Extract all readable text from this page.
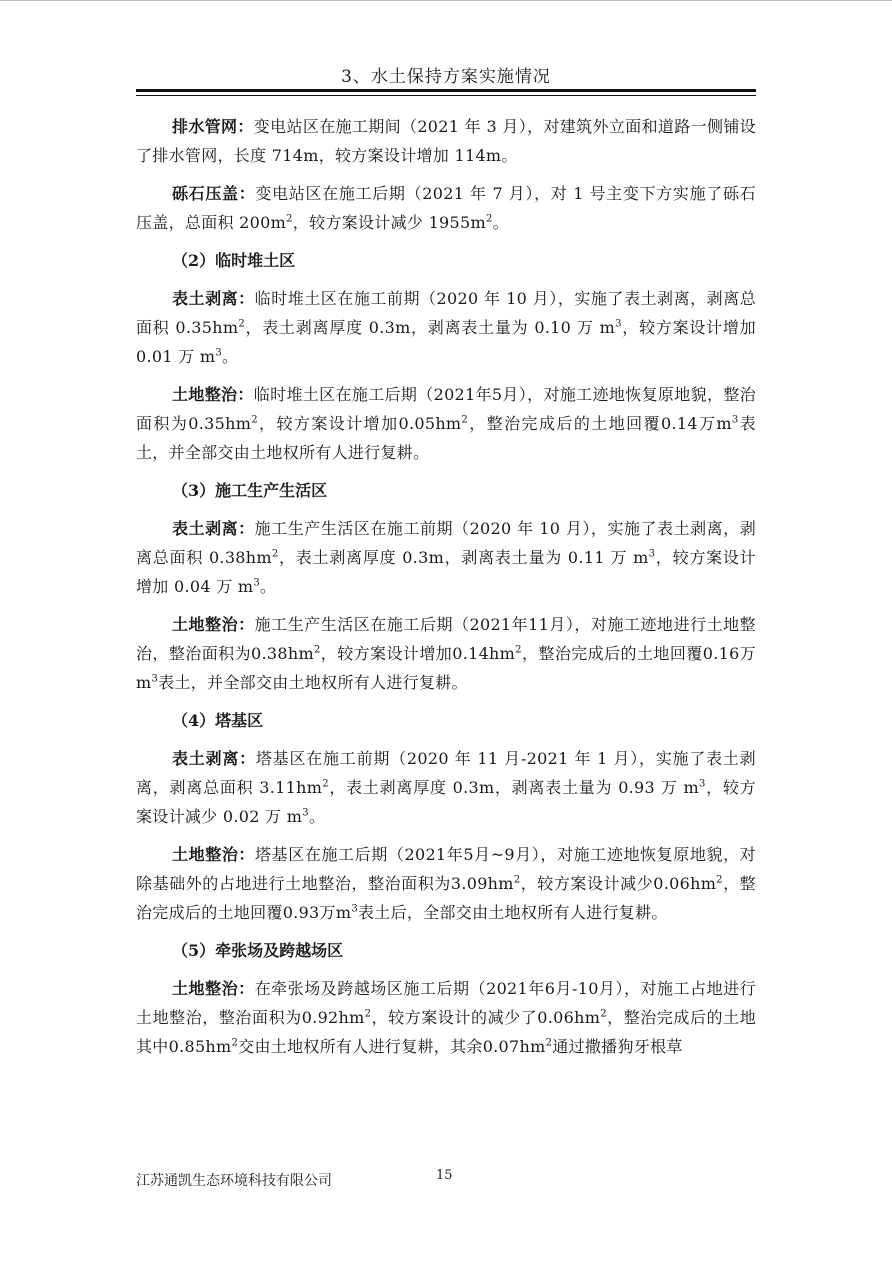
3、水土保持方案实施情况

排水管网：变电站区在施工期间（2021 年 3 月），对建筑外立面和道路一侧铺设了排水管网，长度 714m，较方案设计增加 114m。

砾石压盖：变电站区在施工后期（2021 年 7 月），对 1 号主变下方实施了砾石压盖，总面积 $200m^2$，较方案设计减少 $1955m^2$。

（2）临时堆土区

表土剥离：临时堆土区在施工前期（2020 年 10 月），实施了表土剥离，剥离总面积 $0.35hm^2$，表土剥离厚度 0.3m，剥离表土量为 0.10 万 $m^3$，较方案设计增加 0.01 万 $m^3$。

土地整治：临时堆土区在施工后期（2021年5月），对施工迹地恢复原地貌，整治面积为$0.35hm^2$，较方案设计增加$0.05hm^2$，整治完成后的土地回覆0.14万$m^3$表土，并全部交由土地权所有人进行复耕。

（3）施工生产生活区

表土剥离：施工生产生活区在施工前期（2020 年 10 月），实施了表土剥离，剥离总面积 $0.38hm^2$，表土剥离厚度 0.3m，剥离表土量为 0.11 万 $m^3$，较方案设计增加 0.04 万 $m^3$。

土地整治：施工生产生活区在施工后期（2021年11月），对施工迹地进行土地整治，整治面积为$0.38hm^2$，较方案设计增加$0.14hm^2$，整治完成后的土地回覆0.16万$m^3$表土，并全部交由土地权所有人进行复耕。

（4）塔基区

表土剥离：塔基区在施工前期（2020 年 11 月-2021 年 1 月），实施了表土剥离，剥离总面积 $3.11hm^2$，表土剥离厚度 0.3m，剥离表土量为 0.93 万 $m^3$，较方案设计减少 0.02 万 $m^3$。

土地整治：塔基区在施工后期（2021年5月~9月），对施工迹地恢复原地貌，对除基础外的占地进行土地整治，整治面积为$3.09hm^2$，较方案设计减少$0.06hm^2$，整治完成后的土地回覆0.93万$m^3$表土后，全部交由土地权所有人进行复耕。

（5）牵张场及跨越场区

土地整治：在牵张场及跨越场区施工后期（2021年6月-10月），对施工占地进行土地整治，整治面积为$0.92hm^2$，较方案设计的减少了$0.06hm^2$，整治完成后的土地其中$0.85hm^2$交由土地权所有人进行复耕，其余$0.07hm^2$通过撒播狗牙根草

江苏通凯生态环境科技有限公司	15
